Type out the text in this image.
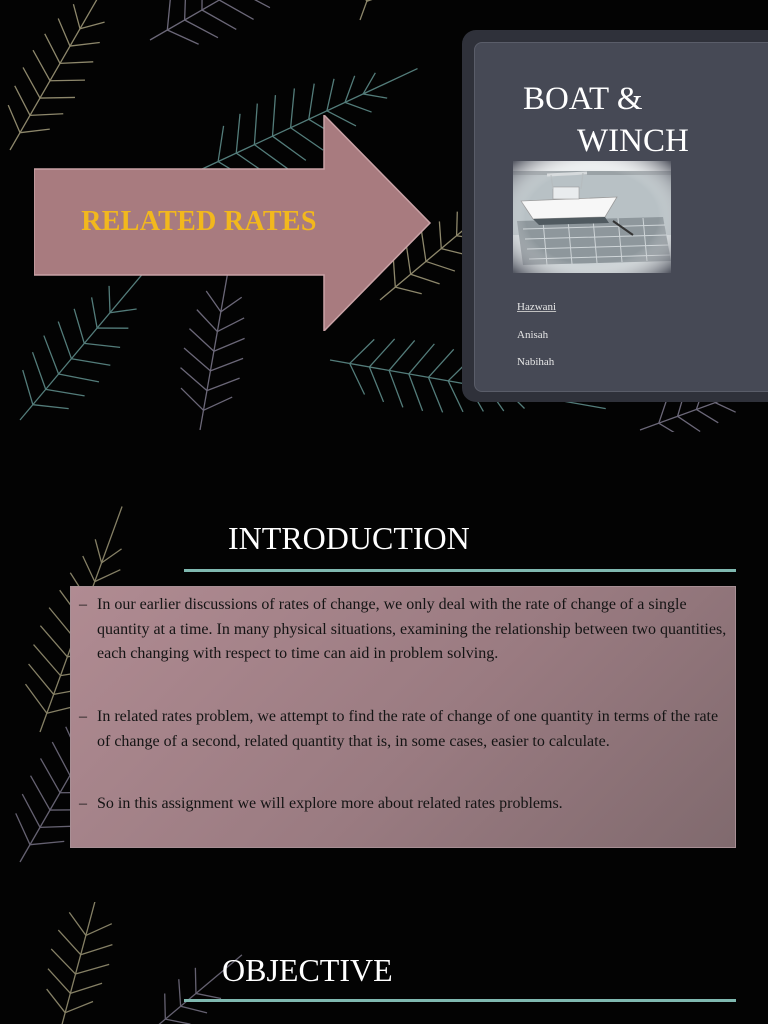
RELATED RATES
BOAT &
WINCH
Hazwani
Anisah
Nabihah
INTRODUCTION
– In our earlier discussions of rates of change, we only deal with the rate of change of a single quantity at a time. In many physical situations, examining the relationship between two quantities, each changing with respect to time can aid in problem solving.
– In related rates problem, we attempt to find the rate of change of one quantity in terms of the rate of change of a second, related quantity that is, in some cases, easier to calculate.
– So in this assignment we will explore more about related rates problems.
OBJECTIVE
